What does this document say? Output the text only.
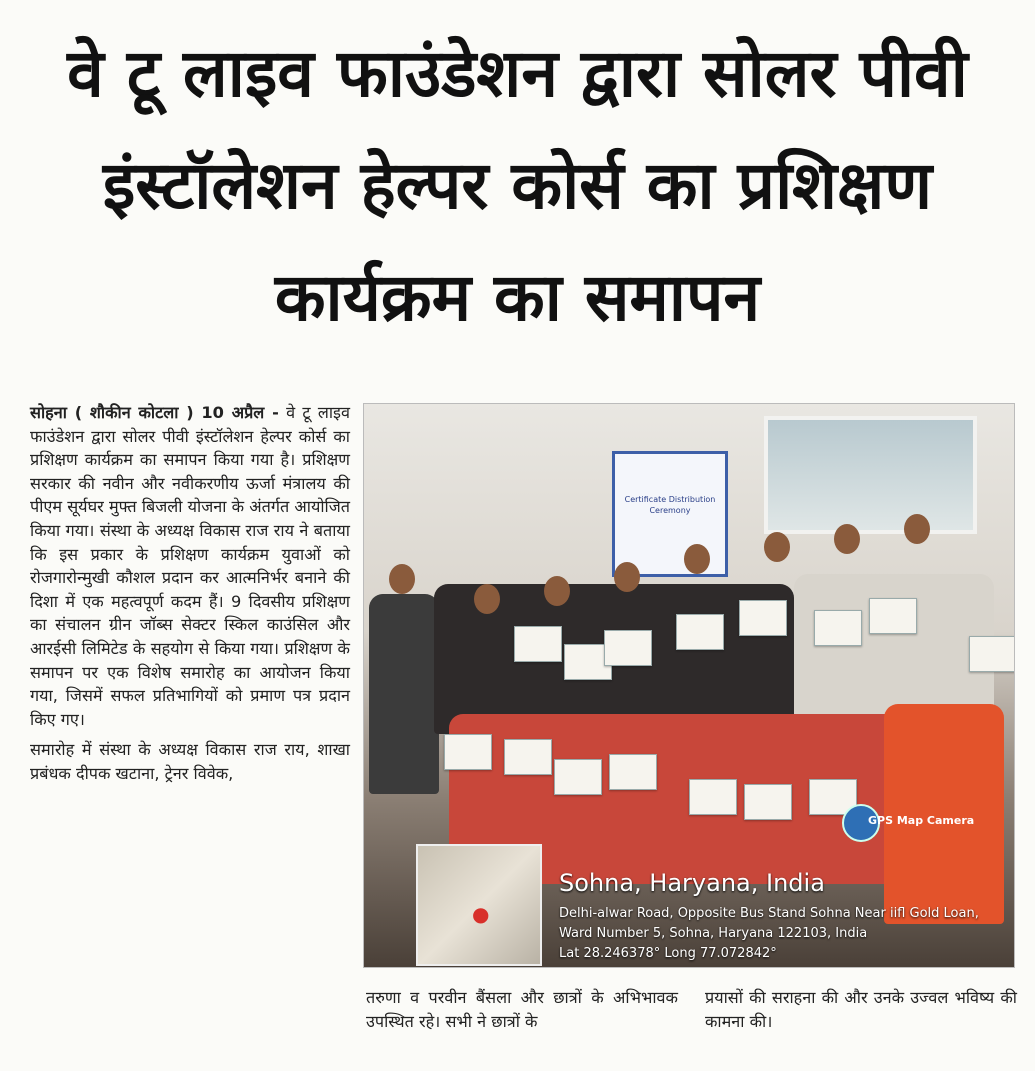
वे टू लाइव फाउंडेशन द्वारा सोलर पीवी
इंस्टॉलेशन हेल्पर कोर्स का प्रशिक्षण
कार्यक्रम का समापन

सोहना ( शौकीन कोटला ) 10 अप्रैल - वे टू लाइव फाउंडेशन द्वारा सोलर पीवी इंस्टॉलेशन हेल्पर कोर्स का प्रशिक्षण कार्यक्रम का समापन किया गया है। प्रशिक्षण सरकार की नवीन और नवीकरणीय ऊर्जा मंत्रालय की पीएम सूर्यघर मुफ्त बिजली योजना के अंतर्गत आयोजित किया गया। संस्था के अध्यक्ष विकास राज राय ने बताया कि इस प्रकार के प्रशिक्षण कार्यक्रम युवाओं को रोजगारोन्मुखी कौशल प्रदान कर आत्मनिर्भर बनाने की दिशा में एक महत्वपूर्ण कदम हैं। 9 दिवसीय प्रशिक्षण का संचालन ग्रीन जॉब्स सेक्टर स्किल काउंसिल और आरईसी लिमिटेड के सहयोग से किया गया। प्रशिक्षण के समापन पर एक विशेष समारोह का आयोजन किया गया, जिसमें सफल प्रतिभागियों को प्रमाण पत्र प्रदान किए गए।

समारोह में संस्था के अध्यक्ष विकास राज राय, शाखा प्रबंधक दीपक खटाना, ट्रेनर विवेक,

Certificate Distribution Ceremony
●
GPS Map Camera
Sohna, Haryana, India
Delhi-alwar Road, Opposite Bus Stand Sohna Near iifl Gold Loan, Ward Number 5, Sohna, Haryana 122103, India
Lat 28.246378° Long 77.072842°
तरुणा व परवीन बैंसला और छात्रों के अभिभावक उपस्थित रहे। सभी ने छात्रों के
प्रयासों की सराहना की और उनके उज्वल भविष्य की कामना की।
